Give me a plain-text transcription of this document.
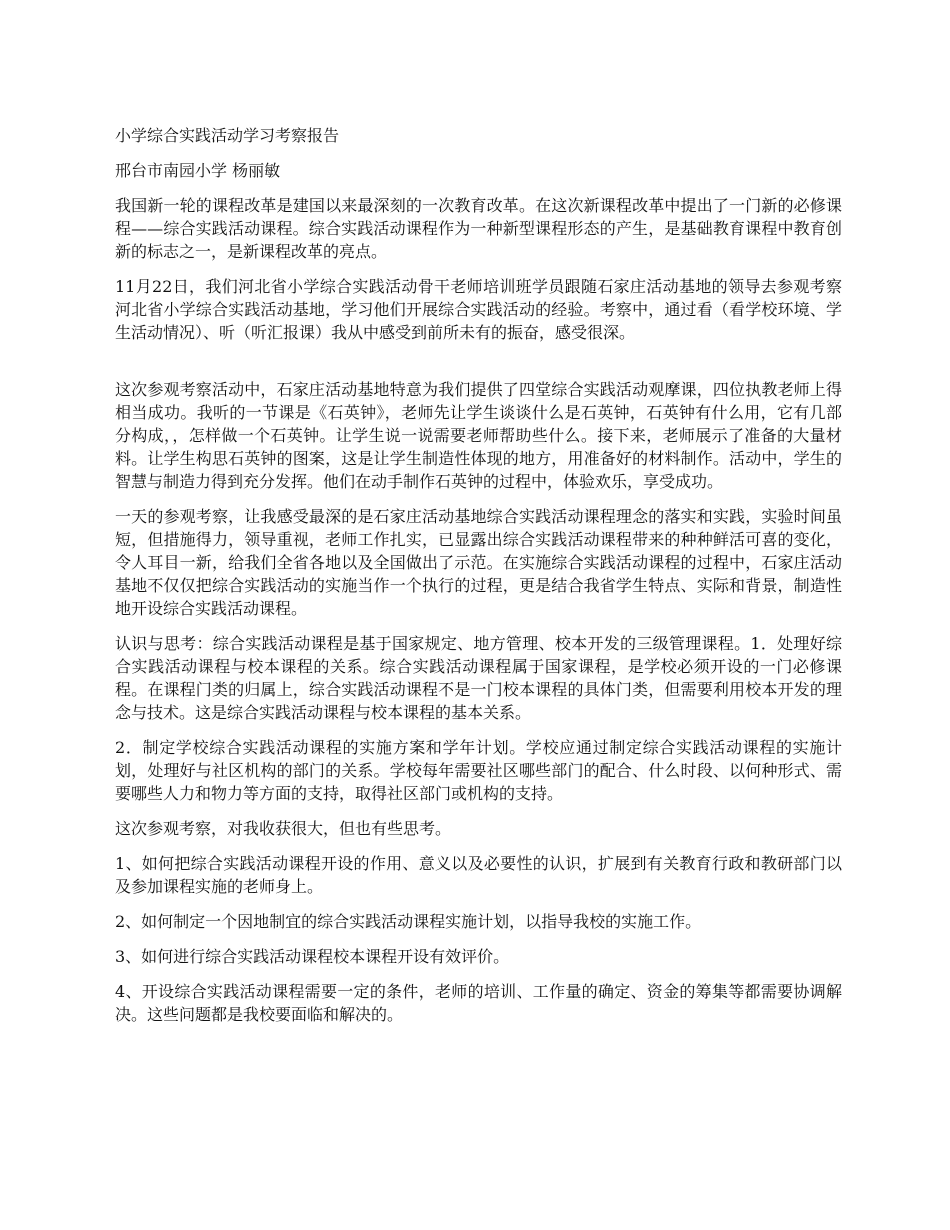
小学综合实践活动学习考察报告

邢台市南园小学 杨丽敏

我国新一轮的课程改革是建国以来最深刻的一次教育改革。在这次新课程改革中提出了一门新的必修课程——综合实践活动课程。综合实践活动课程作为一种新型课程形态的产生，是基础教育课程中教育创新的标志之一，是新课程改革的亮点。

11月22日，我们河北省小学综合实践活动骨干老师培训班学员跟随石家庄活动基地的领导去参观考察河北省小学综合实践活动基地，学习他们开展综合实践活动的经验。考察中，通过看（看学校环境、学生活动情况）、听（听汇报课）我从中感受到前所未有的振奋，感受很深。

这次参观考察活动中，石家庄活动基地特意为我们提供了四堂综合实践活动观摩课，四位执教老师上得相当成功。我听的一节课是《石英钟》，老师先让学生谈谈什么是石英钟，石英钟有什么用，它有几部分构成，，怎样做一个石英钟。让学生说一说需要老师帮助些什么。接下来，老师展示了准备的大量材料。让学生构思石英钟的图案，这是让学生制造性体现的地方，用准备好的材料制作。活动中，学生的智慧与制造力得到充分发挥。他们在动手制作石英钟的过程中，体验欢乐，享受成功。

一天的参观考察，让我感受最深的是石家庄活动基地综合实践活动课程理念的落实和实践，实验时间虽短，但措施得力，领导重视，老师工作扎实，已显露出综合实践活动课程带来的种种鲜活可喜的变化，令人耳目一新，给我们全省各地以及全国做出了示范。在实施综合实践活动课程的过程中，石家庄活动基地不仅仅把综合实践活动的实施当作一个执行的过程，更是结合我省学生特点、实际和背景，制造性地开设综合实践活动课程。

认识与思考：综合实践活动课程是基于国家规定、地方管理、校本开发的三级管理课程。1．处理好综合实践活动课程与校本课程的关系。综合实践活动课程属于国家课程，是学校必须开设的一门必修课程。在课程门类的归属上，综合实践活动课程不是一门校本课程的具体门类，但需要利用校本开发的理念与技术。这是综合实践活动课程与校本课程的基本关系。

2．制定学校综合实践活动课程的实施方案和学年计划。学校应通过制定综合实践活动课程的实施计划，处理好与社区机构的部门的关系。学校每年需要社区哪些部门的配合、什么时段、以何种形式、需要哪些人力和物力等方面的支持，取得社区部门或机构的支持。

这次参观考察，对我收获很大，但也有些思考。

1、如何把综合实践活动课程开设的作用、意义以及必要性的认识，扩展到有关教育行政和教研部门以及参加课程实施的老师身上。

2、如何制定一个因地制宜的综合实践活动课程实施计划，以指导我校的实施工作。

3、如何进行综合实践活动课程校本课程开设有效评价。

4、开设综合实践活动课程需要一定的条件，老师的培训、工作量的确定、资金的筹集等都需要协调解决。这些问题都是我校要面临和解决的。
